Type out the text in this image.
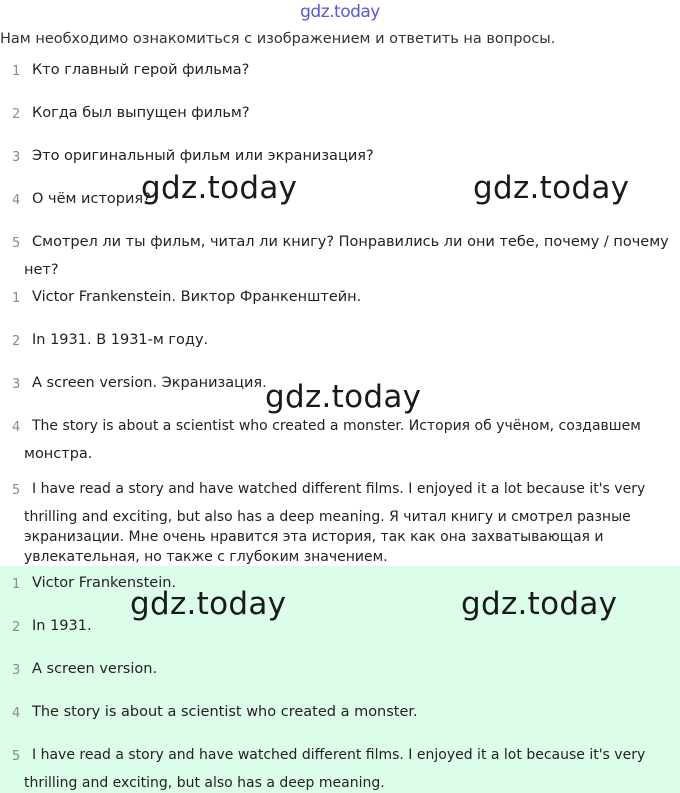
gdz.today
Нам необходимо ознакомиться с изображением и ответить на вопросы.
1 Кто главный герой фильма?
2 Когда был выпущен фильм?
3 Это оригинальный фильм или экранизация?
4 О чём история?
5 Смотрел ли ты фильм, читал ли книгу? Понравились ли они тебе, почему / почему
нет?
1 Victor Frankenstein. Виктор Франкенштейн.
2 In 1931. В 1931-м году.
3 A screen version. Экранизация.
4 The story is about a scientist who created a monster. История об учёном, создавшем
монстра.
5 I have read a story and have watched different films. I enjoyed it a lot because it's very
thrilling and exciting, but also has a deep meaning. Я читал книгу и смотрел разные
экранизации. Мне очень нравится эта история, так как она захватывающая и
увлекательная, но также с глубоким значением.
1 Victor Frankenstein.
2 In 1931.
3 A screen version.
4 The story is about a scientist who created a monster.
5 I have read a story and have watched different films. I enjoyed it a lot because it's very
thrilling and exciting, but also has a deep meaning.
gdz.today	gdz.today
gdz.today
gdz.today	gdz.today
